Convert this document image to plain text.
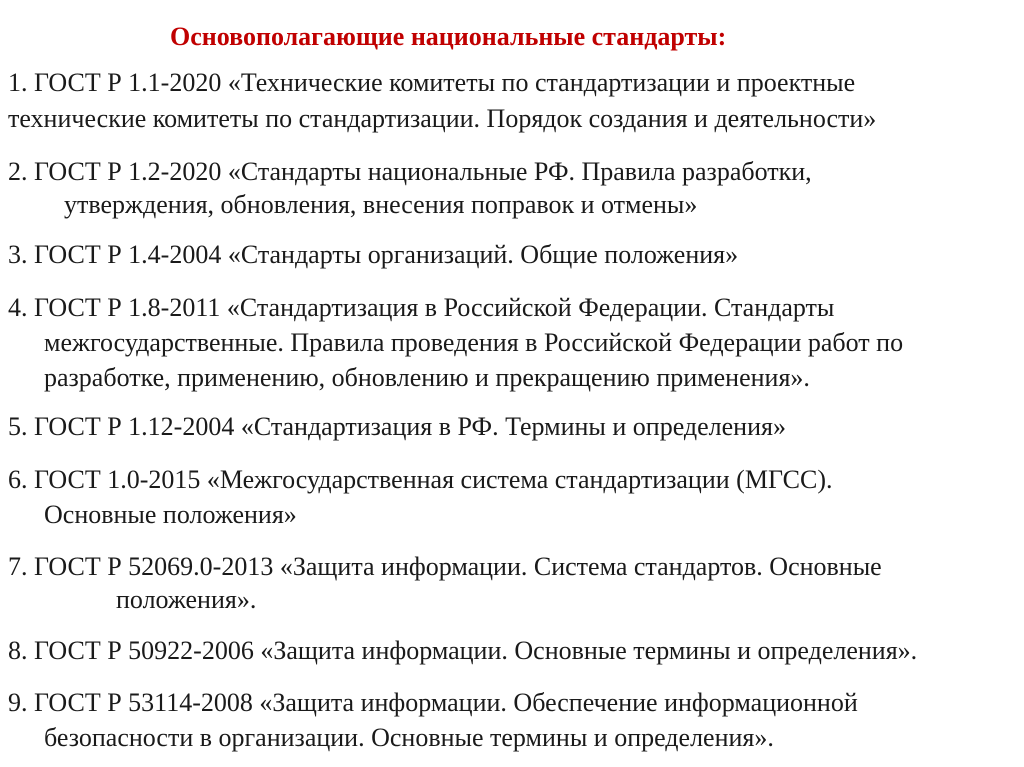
Основополагающие национальные стандарты:
1. ГОСТ Р 1.1-2020 «Технические комитеты по стандартизации и проектные
технические комитеты по стандартизации. Порядок создания и деятельности»
2. ГОСТ Р 1.2-2020 «Стандарты национальные РФ. Правила разработки,
утверждения, обновления, внесения поправок и отмены»
3. ГОСТ Р 1.4-2004 «Стандарты организаций. Общие положения»
4. ГОСТ Р 1.8-2011 «Стандартизация в Российской Федерации. Стандарты
межгосударственные. Правила проведения в Российской Федерации работ по
разработке, применению, обновлению и прекращению применения».
5. ГОСТ Р 1.12-2004 «Стандартизация в РФ. Термины и определения»
6. ГОСТ 1.0-2015 «Межгосударственная система стандартизации (МГСС).
Основные положения»
7. ГОСТ Р 52069.0-2013 «Защита информации. Система стандартов. Основные
положения».
8. ГОСТ Р 50922-2006 «Защита информации. Основные термины и определения».
9. ГОСТ Р 53114-2008 «Защита информации. Обеспечение информационной
безопасности в организации. Основные термины и определения».
